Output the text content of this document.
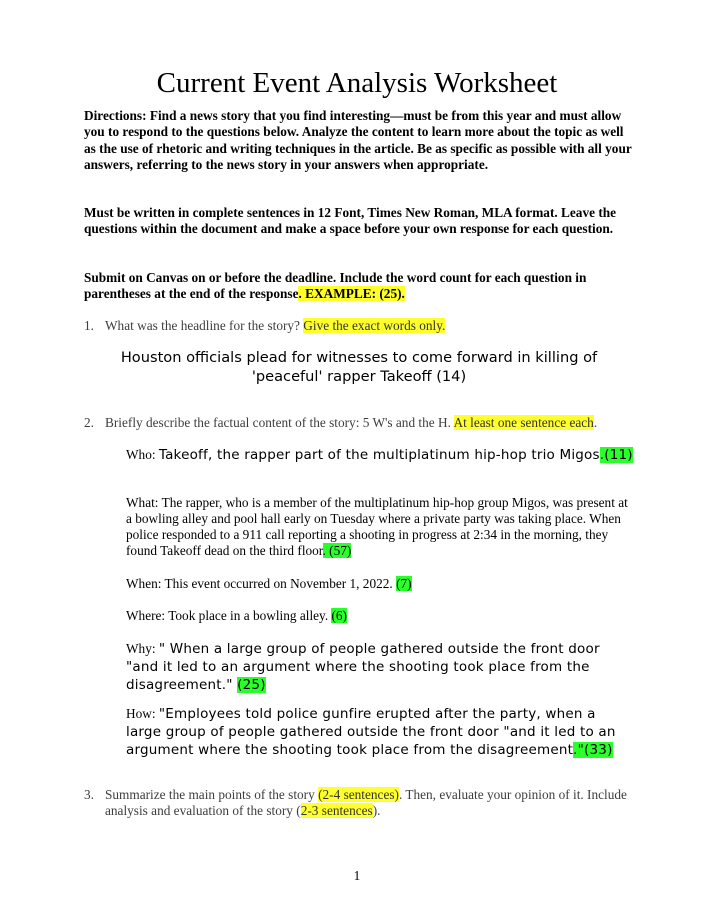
Current Event Analysis Worksheet
Directions: Find a news story that you find interesting—must be from this year and must allow you to respond to the questions below. Analyze the content to learn more about the topic as well as the use of rhetoric and writing techniques in the article. Be as specific as possible with all your answers, referring to the news story in your answers when appropriate.
Must be written in complete sentences in 12 Font, Times New Roman, MLA format. Leave the questions within the document and make a space before your own response for each question.
Submit on Canvas on or before the deadline. Include the word count for each question in parentheses at the end of the response. EXAMPLE: (25).
1. What was the headline for the story? Give the exact words only.
Houston officials plead for witnesses to come forward in killing of 'peaceful' rapper Takeoff (14)
2. Briefly describe the factual content of the story: 5 W's and the H. At least one sentence each.
Who: Takeoff, the rapper part of the multiplatinum hip-hop trio Migos.(11)
What: The rapper, who is a member of the multiplatinum hip-hop group Migos, was present at a bowling alley and pool hall early on Tuesday where a private party was taking place. When police responded to a 911 call reporting a shooting in progress at 2:34 in the morning, they found Takeoff dead on the third floor. (57)
When: This event occurred on November 1, 2022. (7)
Where: Took place in a bowling alley. (6)
Why: " When a large group of people gathered outside the front door "and it led to an argument where the shooting took place from the disagreement." (25)
How: "Employees told police gunfire erupted after the party, when a large group of people gathered outside the front door "and it led to an argument where the shooting took place from the disagreement."(33)
3. Summarize the main points of the story (2-4 sentences). Then, evaluate your opinion of it. Include analysis and evaluation of the story (2-3 sentences).
1
